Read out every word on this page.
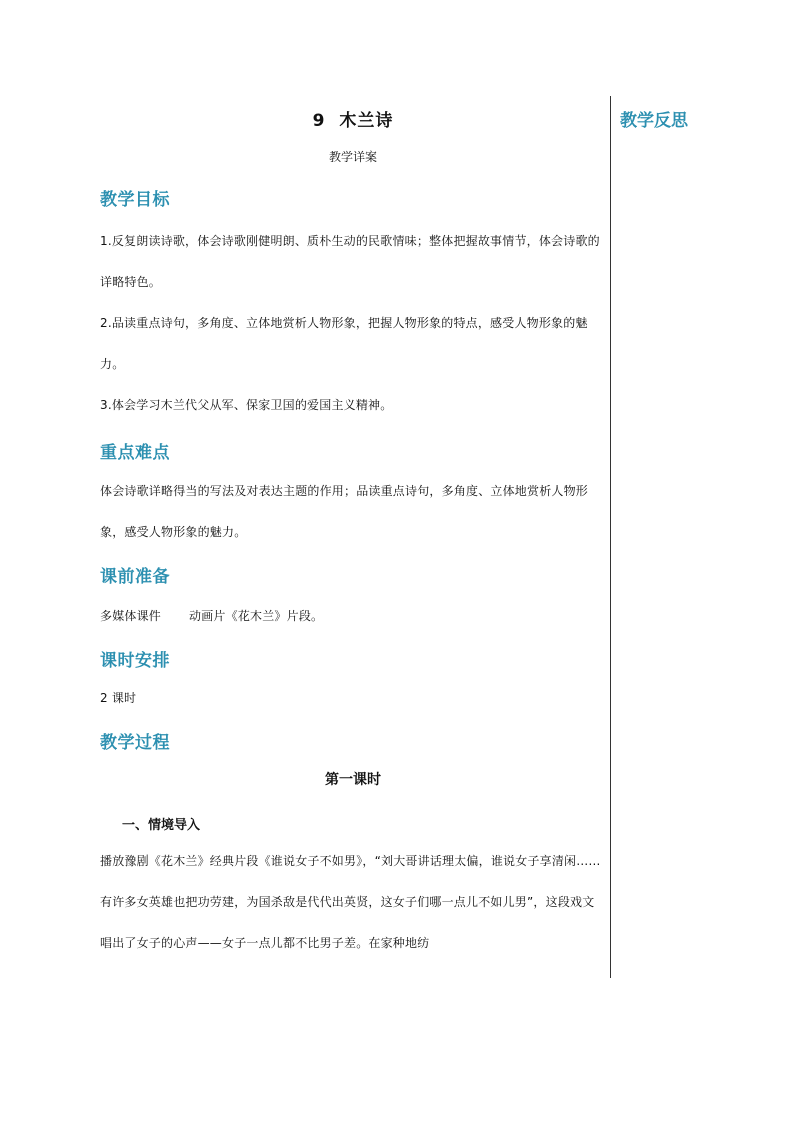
教学反思
9 木兰诗
教学详案
教学目标
1.反复朗读诗歌，体会诗歌刚健明朗、质朴生动的民歌情味；整体把握故事情节，体会诗歌的详略特色。
2.品读重点诗句，多角度、立体地赏析人物形象，把握人物形象的特点，感受人物形象的魅力。
3.体会学习木兰代父从军、保家卫国的爱国主义精神。
重点难点
体会诗歌详略得当的写法及对表达主题的作用；品读重点诗句，多角度、立体地赏析人物形象，感受人物形象的魅力。
课前准备
多媒体课件 动画片《花木兰》片段。
课时安排
2 课时
教学过程
第一课时
一、情境导入
播放豫剧《花木兰》经典片段《谁说女子不如男》，“刘大哥讲话理太偏，谁说女子享清闲……有许多女英雄也把功劳建，为国杀敌是代代出英贤，这女子们哪一点儿不如儿男”，这段戏文唱出了女子的心声——女子一点儿都不比男子差。在家种地纺
